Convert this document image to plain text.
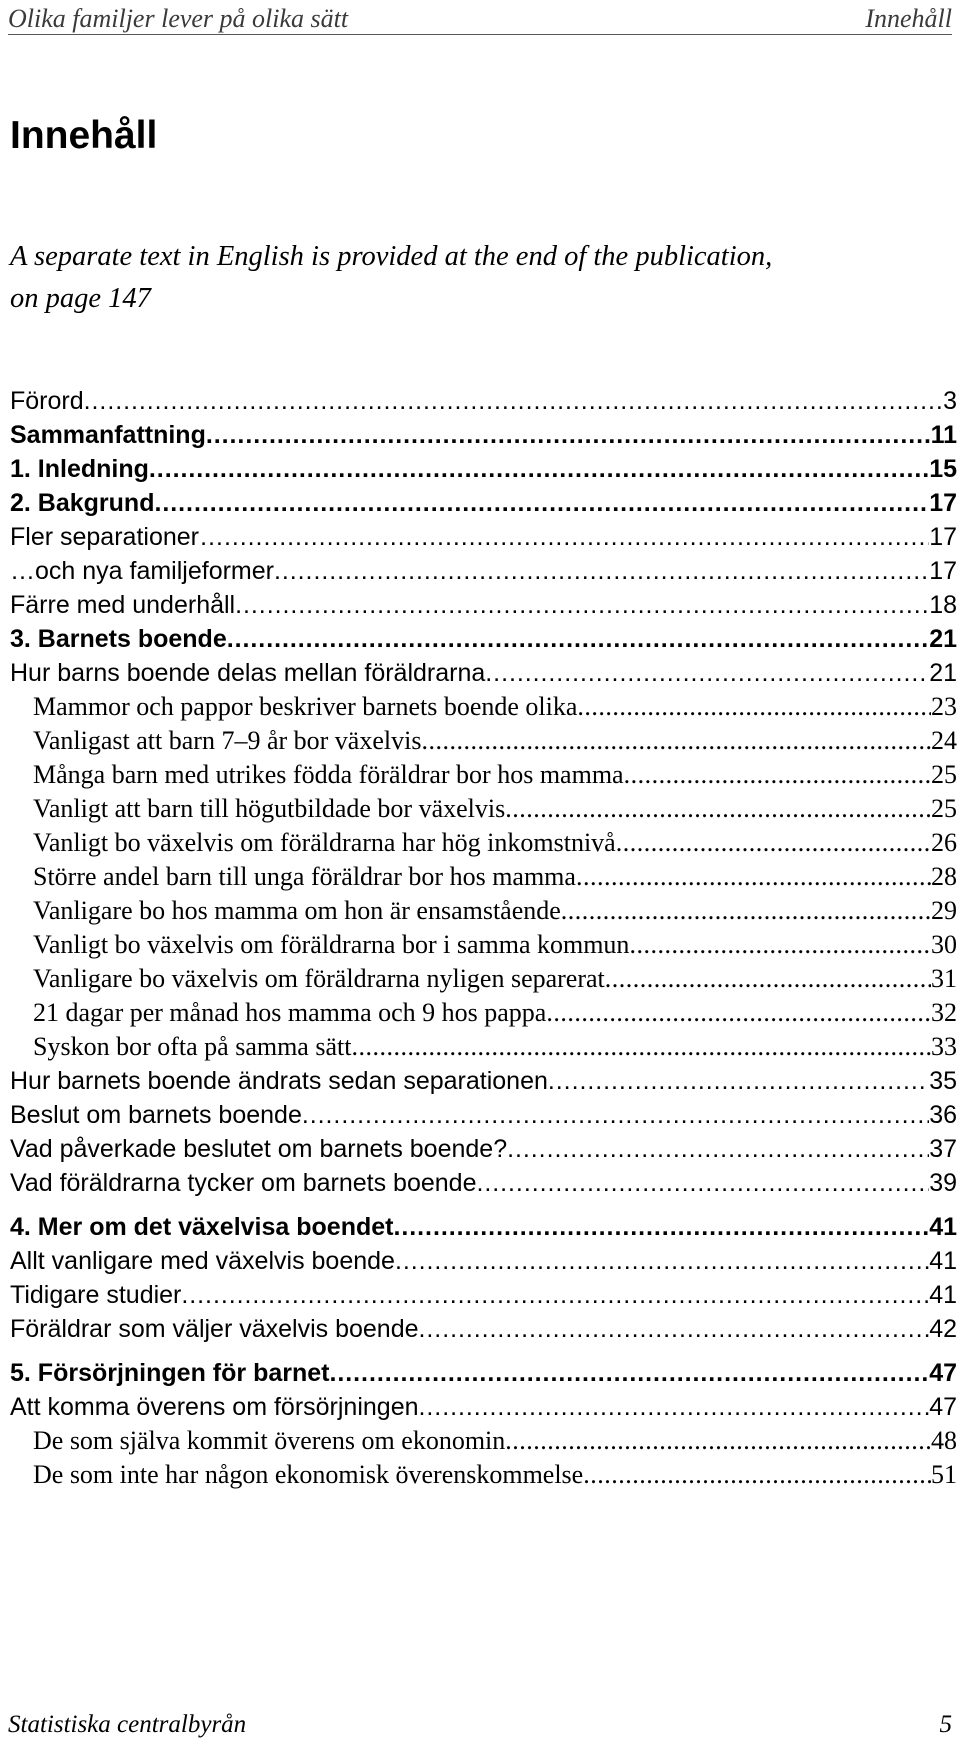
Olika familjer lever på olika sätt	Innehåll
Innehåll
A separate text in English is provided at the end of the publication,
on page 147
Förord . . .	3
Sammanfattning . . .	11
1. Inledning . . .	15
2. Bakgrund . . .	17
Fler separationer… . . .	17
…och nya familjeformer . . .	17
Färre med underhåll . . .	18
3. Barnets boende . . .	21
Hur barns boende delas mellan föräldrarna . . .	21
Mammor och pappor beskriver barnets boende olika . . .	23
Vanligast att barn 7–9 år bor växelvis . . .	24
Många barn med utrikes födda föräldrar bor hos mamma . . .	25
Vanligt att barn till högutbildade bor växelvis . . .	25
Vanligt bo växelvis om föräldrarna har hög inkomstnivå . . .	26
Större andel barn till unga föräldrar bor hos mamma . . .	28
Vanligare bo hos mamma om hon är ensamstående . . .	29
Vanligt bo växelvis om föräldrarna bor i samma kommun . . .	30
Vanligare bo växelvis om föräldrarna nyligen separerat . . .	31
21 dagar per månad hos mamma och 9 hos pappa . . .	32
Syskon bor ofta på samma sätt . . .	33
Hur barnets boende ändrats sedan separationen . . .	35
Beslut om barnets boende . . .	36
Vad påverkade beslutet om barnets boende? . . .	37
Vad föräldrarna tycker om barnets boende . . .	39
4. Mer om det växelvisa boendet . . .	41
Allt vanligare med växelvis boende . . .	41
Tidigare studier . . .	41
Föräldrar som väljer växelvis boende . . .	42
5. Försörjningen för barnet . . .	47
Att komma överens om försörjningen . . .	47
De som själva kommit överens om ekonomin . . .	48
De som inte har någon ekonomisk överenskommelse . . .	51
Statistiska centralbyrån	5
